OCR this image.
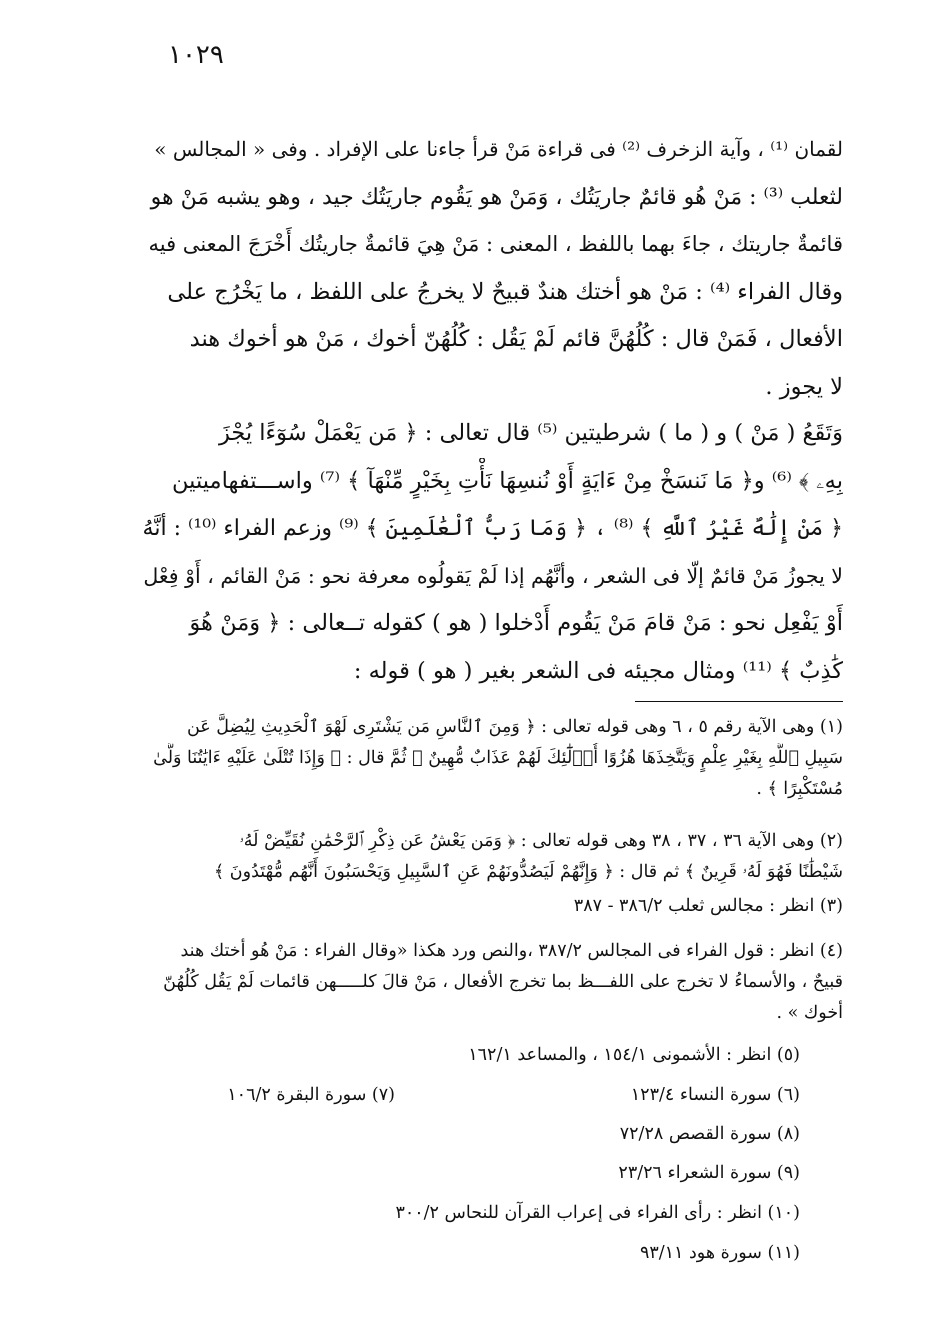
١٠٢٩
لقمان ⁽¹⁾ ، وآية الزخرف ⁽²⁾ فى قراءة مَنْ قرأ جاءنا على الإفراد . وفى « المجالس »
لثعلب ⁽³⁾ : مَنْ هُو قائمٌ جاريَتُك ، وَمَنْ هو يَقُوم جاريَتُك جيد ، وهو يشبه مَنْ هو
قائمةٌ جاريتك ، جاءَ بهما باللفظ ، المعنى : مَنْ هِيَ قائمةٌ جاريتُك أَخْرَجَ المعنى فيه
وقال الفراء ⁽⁴⁾ : مَنْ هو أختك هندٌ قبيحٌ لا يخرجُ على اللفظ ، ما يَخْرُج على
الأفعال ، فَمَنْ قال : كُلُهُنَّ قائم لَمْ يَقُل : كُلُهُنّ أخوك ، مَنْ هو أخوك هند
لا يجوز .
وَتَقَعُ ( مَنْ ) و ( ما ) شرطيتين ⁽⁵⁾ قال تعالى : ﴿ مَن يَعْمَلْ سُوٓءًا يُجْزَ
بِهِۦ ﴾ ⁽⁶⁾ و﴿ مَا نَنسَخْ مِنْ ءَايَةٍ أَوْ نُنسِهَا نَأْتِ بِخَيْرٍ مِّنْهَآ ﴾ ⁽⁷⁾ واســـتفهاميتين
﴿ مَنْ إِلَٰهٌ غَيْرُ ٱللَّهِ ﴾ ⁽⁸⁾ ، ﴿ وَمَا رَبُّ ٱلْعَٰلَمِينَ ﴾ ⁽⁹⁾ وزعم الفراء ⁽¹⁰⁾ : أنَّهُ
لا يجوزُ مَنْ قائمٌ إلّا فى الشعر ، وأنَّهُم إذا لَمْ يَقولُوه معرفة نحو : مَنْ القائم ، أَوْ فِعْل
أَوْ يَفْعِل نحو : مَنْ قامَ مَنْ يَقُوم أَدْخلوا ( هو ) كقوله تــعالى : ﴿ وَمَنْ هُوَ
كَٰذِبٌ ﴾ ⁽¹¹⁾ ومثال مجيئه فى الشعر بغير ( هو ) قوله :
(١) وهى الآية رقم ٥ ، ٦ وهى قوله تعالى : ﴿ وَمِنَ ٱلنَّاسِ مَن يَشْتَرِى لَهْوَ ٱلْحَدِيثِ لِيُضِلَّ عَن
سَبِيلِ ٱللَّهِ بِغَيْرِ عِلْمٍ وَيَتَّخِذَهَا هُزُوًا أُو۟لَٰٓئِكَ لَهُمْ عَذَابٌ مُّهِينٌ ﴾ ثُمَّ قال : ﴿ وَإِذَا تُتْلَىٰ عَلَيْهِ ءَايَٰتُنَا وَلَّىٰ
مُسْتَكْبِرًا ﴾ .
(٢) وهى الآية ٣٦ ، ٣٧ ، ٣٨ وهى قوله تعالى : ﴿ وَمَن يَعْشُ عَن ذِكْرِ ٱلرَّحْمَٰنِ نُقَيِّضْ لَهُۥ
شَيْطَٰنًا فَهُوَ لَهُۥ قَرِينٌ ﴾ ثم قال : ﴿ وَإِنَّهُمْ لَيَصُدُّونَهُمْ عَنِ ٱلسَّبِيلِ وَيَحْسَبُونَ أَنَّهُم مُّهْتَدُونَ ﴾
(٣) انظر : مجالس ثعلب ٣٨٦/٢ - ٣٨٧
(٤) انظر : قول الفراء فى المجالس ٣٨٧/٢ ،والنص ورد هكذا «وقال الفراء : مَنْ هُو أختك هند
قبيحٌ ، والأسماءُ لا تخرج على اللفـــظ بما تخرج الأفعال ، مَنْ قالَ كلـــــهن قائمات لَمْ يَقُل كُلُهُنّ
أخوك » .
(٥) انظر : الأشمونى ١٥٤/١ ، والمساعد ١٦٢/١
(٦) سورة النساء ١٢٣/٤
(٧) سورة البقرة ١٠٦/٢
(٨) سورة القصص ٧٢/٢٨
(٩) سورة الشعراء ٢٣/٢٦
(١٠) انظر : رأى الفراء فى إعراب القرآن للنحاس ٣٠٠/٢
(١١) سورة هود ٩٣/١١
